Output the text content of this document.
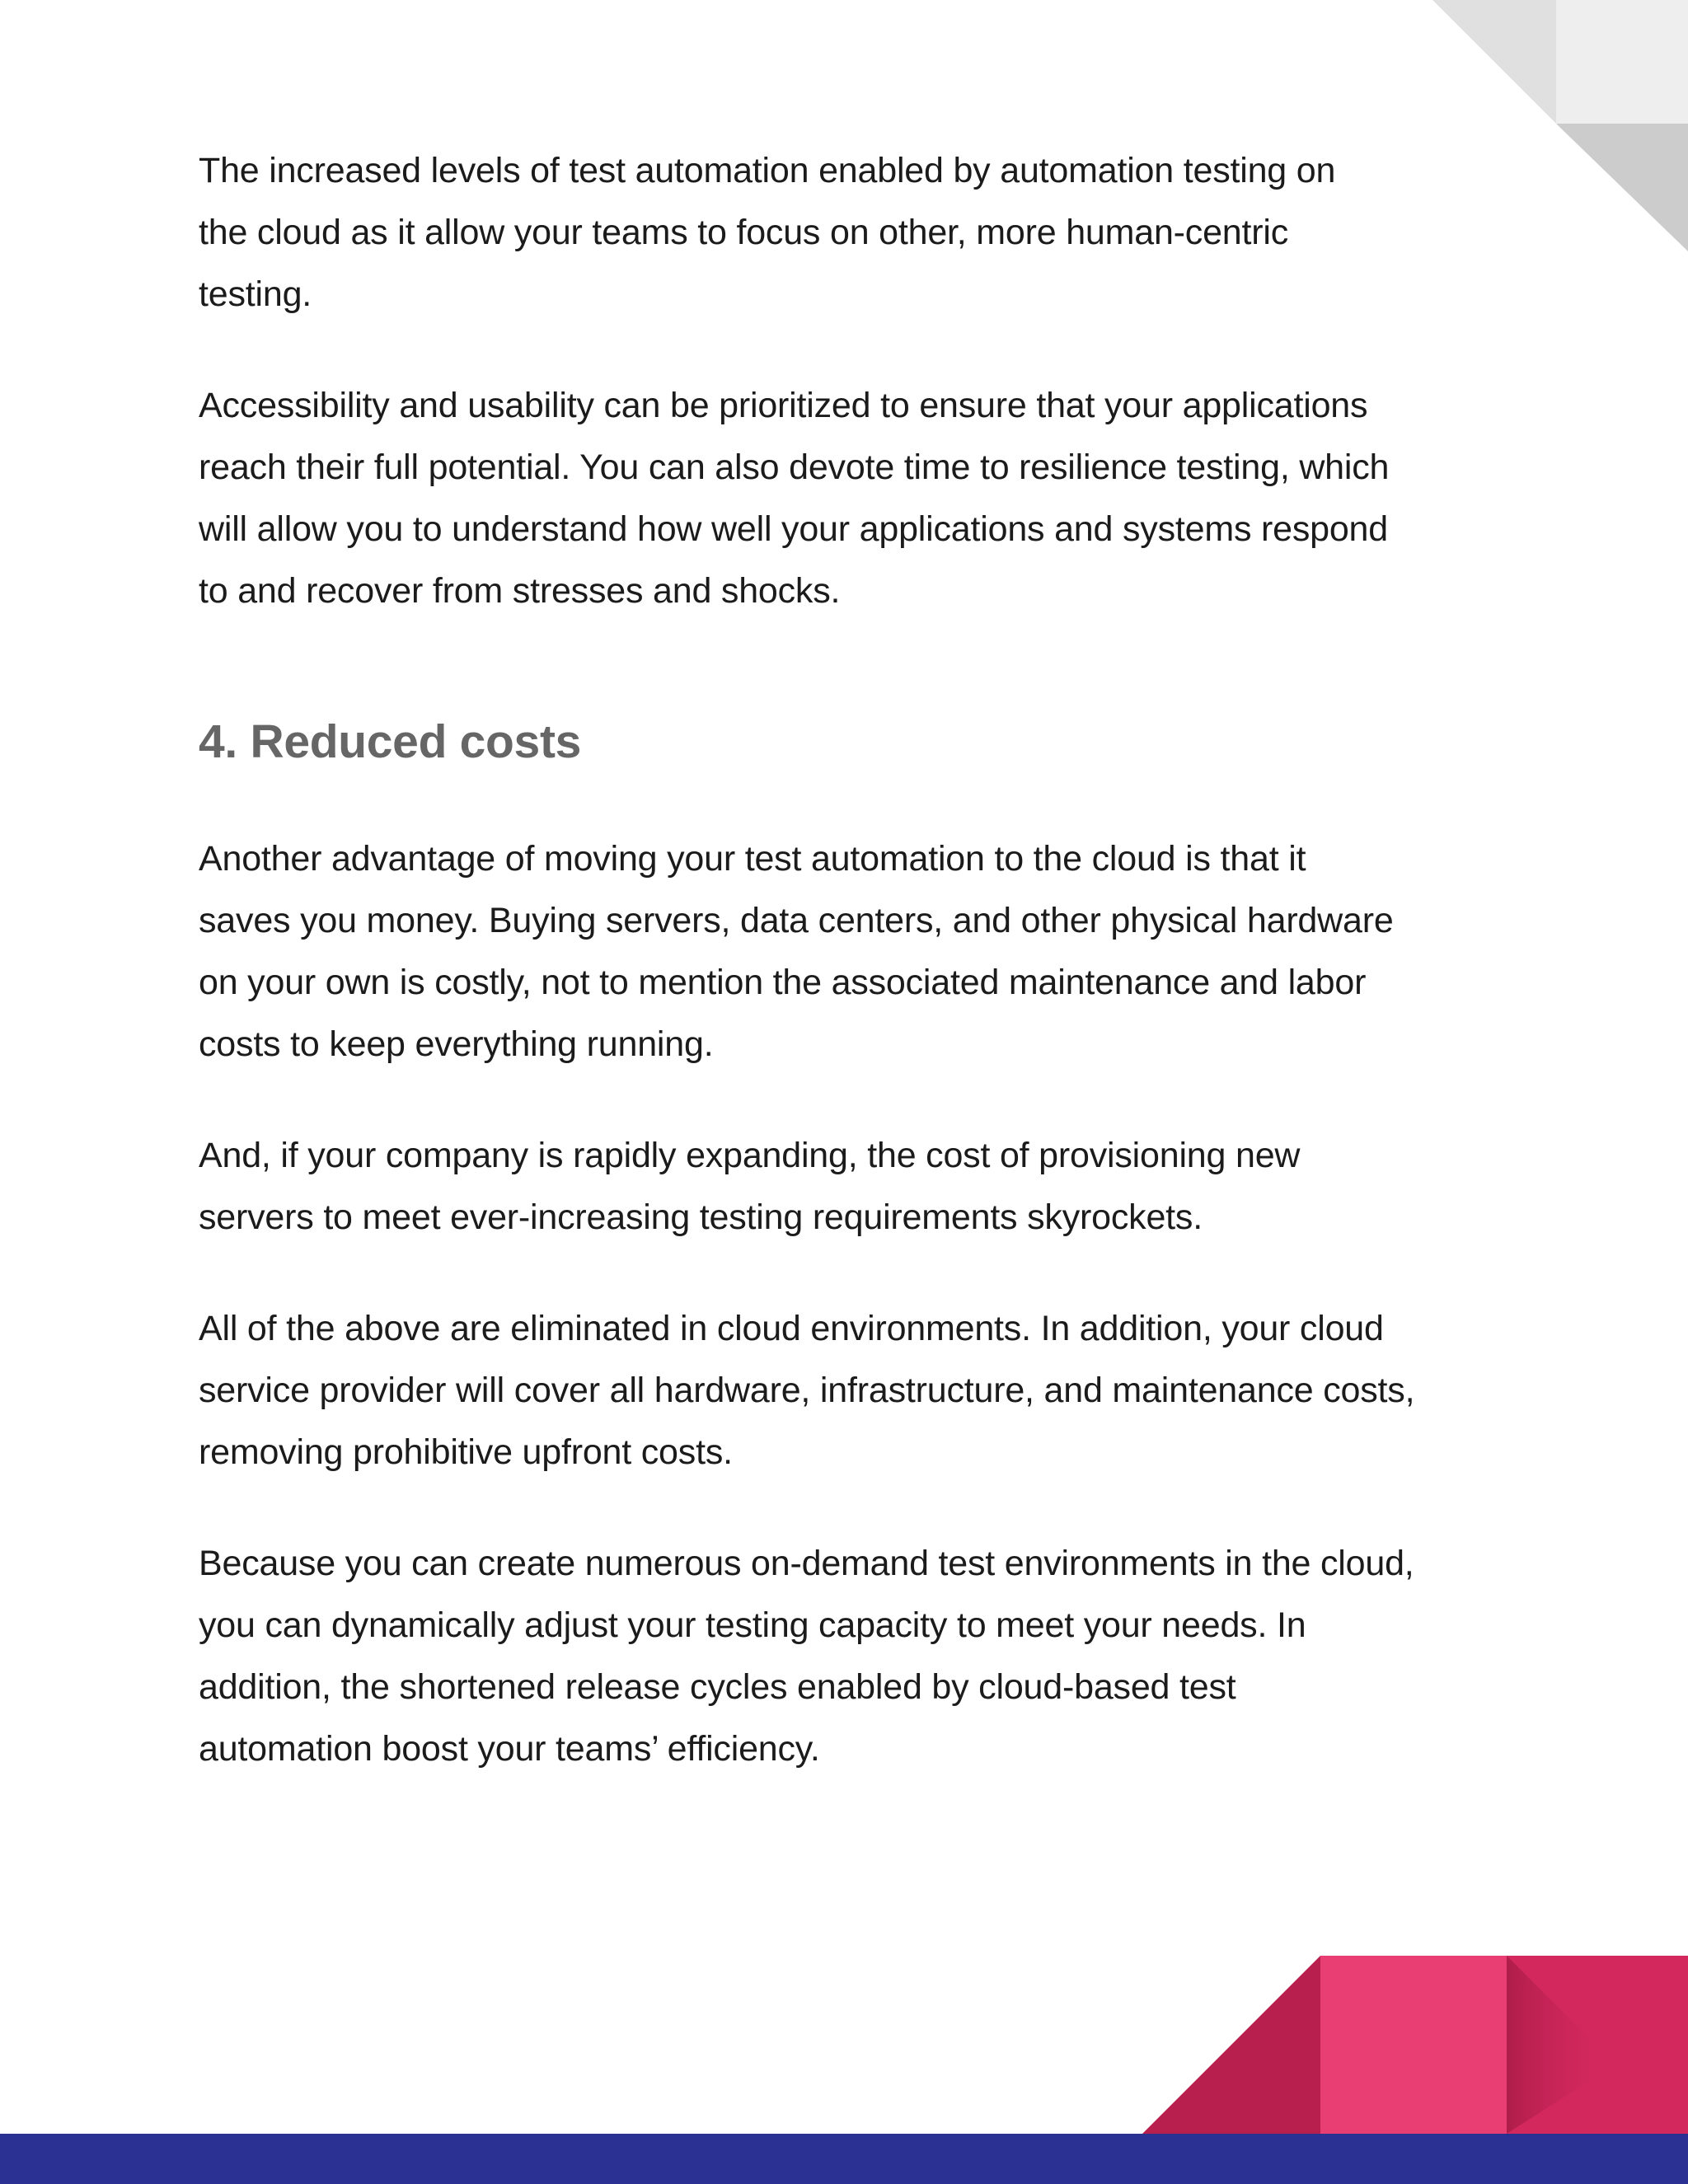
The increased levels of test automation enabled by automation testing on
the cloud as it allow your teams to focus on other, more human-centric
testing.

Accessibility and usability can be prioritized to ensure that your applications
reach their full potential. You can also devote time to resilience testing, which
will allow you to understand how well your applications and systems respond
to and recover from stresses and shocks.

4. Reduced costs

Another advantage of moving your test automation to the cloud is that it
saves you money. Buying servers, data centers, and other physical hardware
on your own is costly, not to mention the associated maintenance and labor
costs to keep everything running.

And, if your company is rapidly expanding, the cost of provisioning new
servers to meet ever-increasing testing requirements skyrockets.

All of the above are eliminated in cloud environments. In addition, your cloud
service provider will cover all hardware, infrastructure, and maintenance costs,
removing prohibitive upfront costs.

Because you can create numerous on-demand test environments in the cloud,
you can dynamically adjust your testing capacity to meet your needs. In
addition, the shortened release cycles enabled by cloud-based test
automation boost your teams’ efficiency.
